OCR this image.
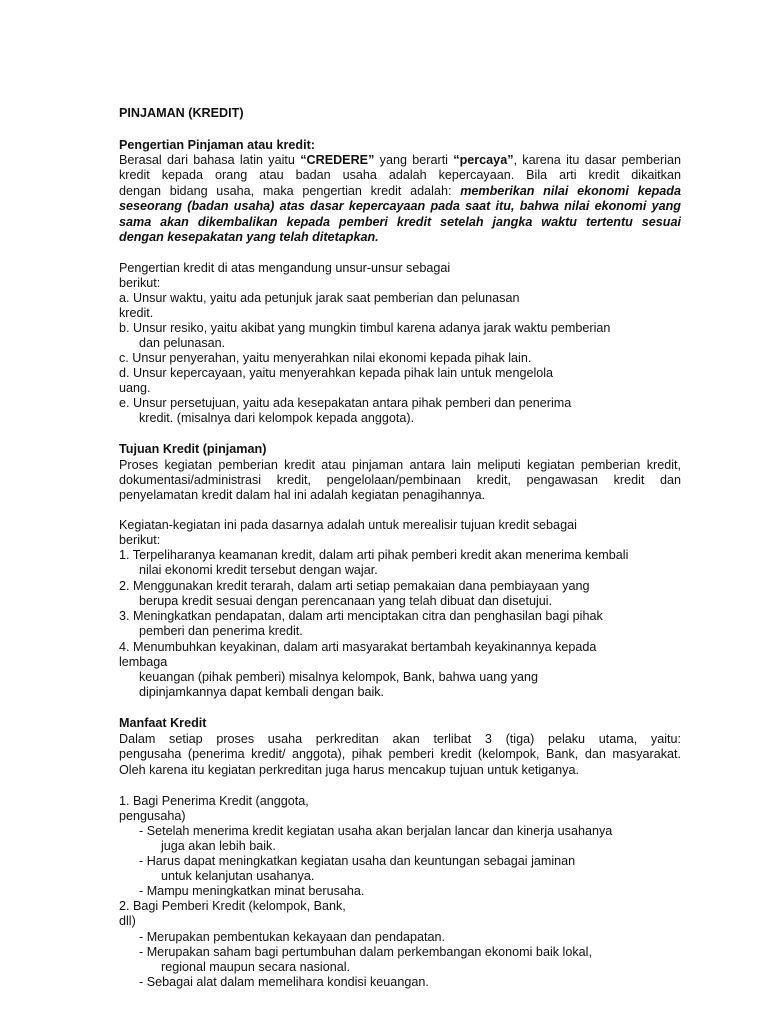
PINJAMAN (KREDIT)
Pengertian Pinjaman atau kredit:
Berasal dari bahasa latin yaitu “CREDERE” yang berarti “percaya”, karena itu dasar pemberian
kredit kepada orang atau badan usaha adalah kepercayaan. Bila arti kredit dikaitkan
dengan bidang usaha, maka pengertian kredit adalah: memberikan nilai ekonomi kepada
seseorang (badan usaha) atas dasar kepercayaan pada saat itu, bahwa nilai ekonomi yang
sama akan dikembalikan kepada pemberi kredit setelah jangka waktu tertentu sesuai
dengan kesepakatan yang telah ditetapkan.
Pengertian kredit di atas mengandung unsur-unsur sebagai
berikut:
a. Unsur waktu, yaitu ada petunjuk jarak saat pemberian dan pelunasan
kredit.
b. Unsur resiko, yaitu akibat yang mungkin timbul karena adanya jarak waktu pemberian
dan pelunasan.
c. Unsur penyerahan, yaitu menyerahkan nilai ekonomi kepada pihak lain.
d. Unsur kepercayaan, yaitu menyerahkan kepada pihak lain untuk mengelola
uang.
e. Unsur persetujuan, yaitu ada kesepakatan antara pihak pemberi dan penerima
kredit. (misalnya dari kelompok kepada anggota).
Tujuan Kredit (pinjaman)
Proses kegiatan pemberian kredit atau pinjaman antara lain meliputi kegiatan pemberian kredit,
dokumentasi/administrasi kredit, pengelolaan/pembinaan kredit, pengawasan kredit dan
penyelamatan kredit dalam hal ini adalah kegiatan penagihannya.
Kegiatan-kegiatan ini pada dasarnya adalah untuk merealisir tujuan kredit sebagai
berikut:
1. Terpeliharanya keamanan kredit, dalam arti pihak pemberi kredit akan menerima kembali
nilai ekonomi kredit tersebut dengan wajar.
2. Menggunakan kredit terarah, dalam arti setiap pemakaian dana pembiayaan yang
berupa kredit sesuai dengan perencanaan yang telah dibuat dan disetujui.
3. Meningkatkan pendapatan, dalam arti menciptakan citra dan penghasilan bagi pihak
pemberi dan penerima kredit.
4. Menumbuhkan keyakinan, dalam arti masyarakat bertambah keyakinannya kepada
lembaga
keuangan (pihak pemberi) misalnya kelompok, Bank, bahwa uang yang
dipinjamkannya dapat kembali dengan baik.
Manfaat Kredit
Dalam setiap proses usaha perkreditan akan terlibat 3 (tiga) pelaku utama, yaitu:
pengusaha (penerima kredit/ anggota), pihak pemberi kredit (kelompok, Bank, dan masyarakat.
Oleh karena itu kegiatan perkreditan juga harus mencakup tujuan untuk ketiganya.
1. Bagi Penerima Kredit (anggota,
pengusaha)
- Setelah menerima kredit kegiatan usaha akan berjalan lancar dan kinerja usahanya
juga akan lebih baik.
- Harus dapat meningkatkan kegiatan usaha dan keuntungan sebagai jaminan
untuk kelanjutan usahanya.
- Mampu meningkatkan minat berusaha.
2. Bagi Pemberi Kredit (kelompok, Bank,
dll)
- Merupakan pembentukan kekayaan dan pendapatan.
- Merupakan saham bagi pertumbuhan dalam perkembangan ekonomi baik lokal,
regional maupun secara nasional.
- Sebagai alat dalam memelihara kondisi keuangan.
